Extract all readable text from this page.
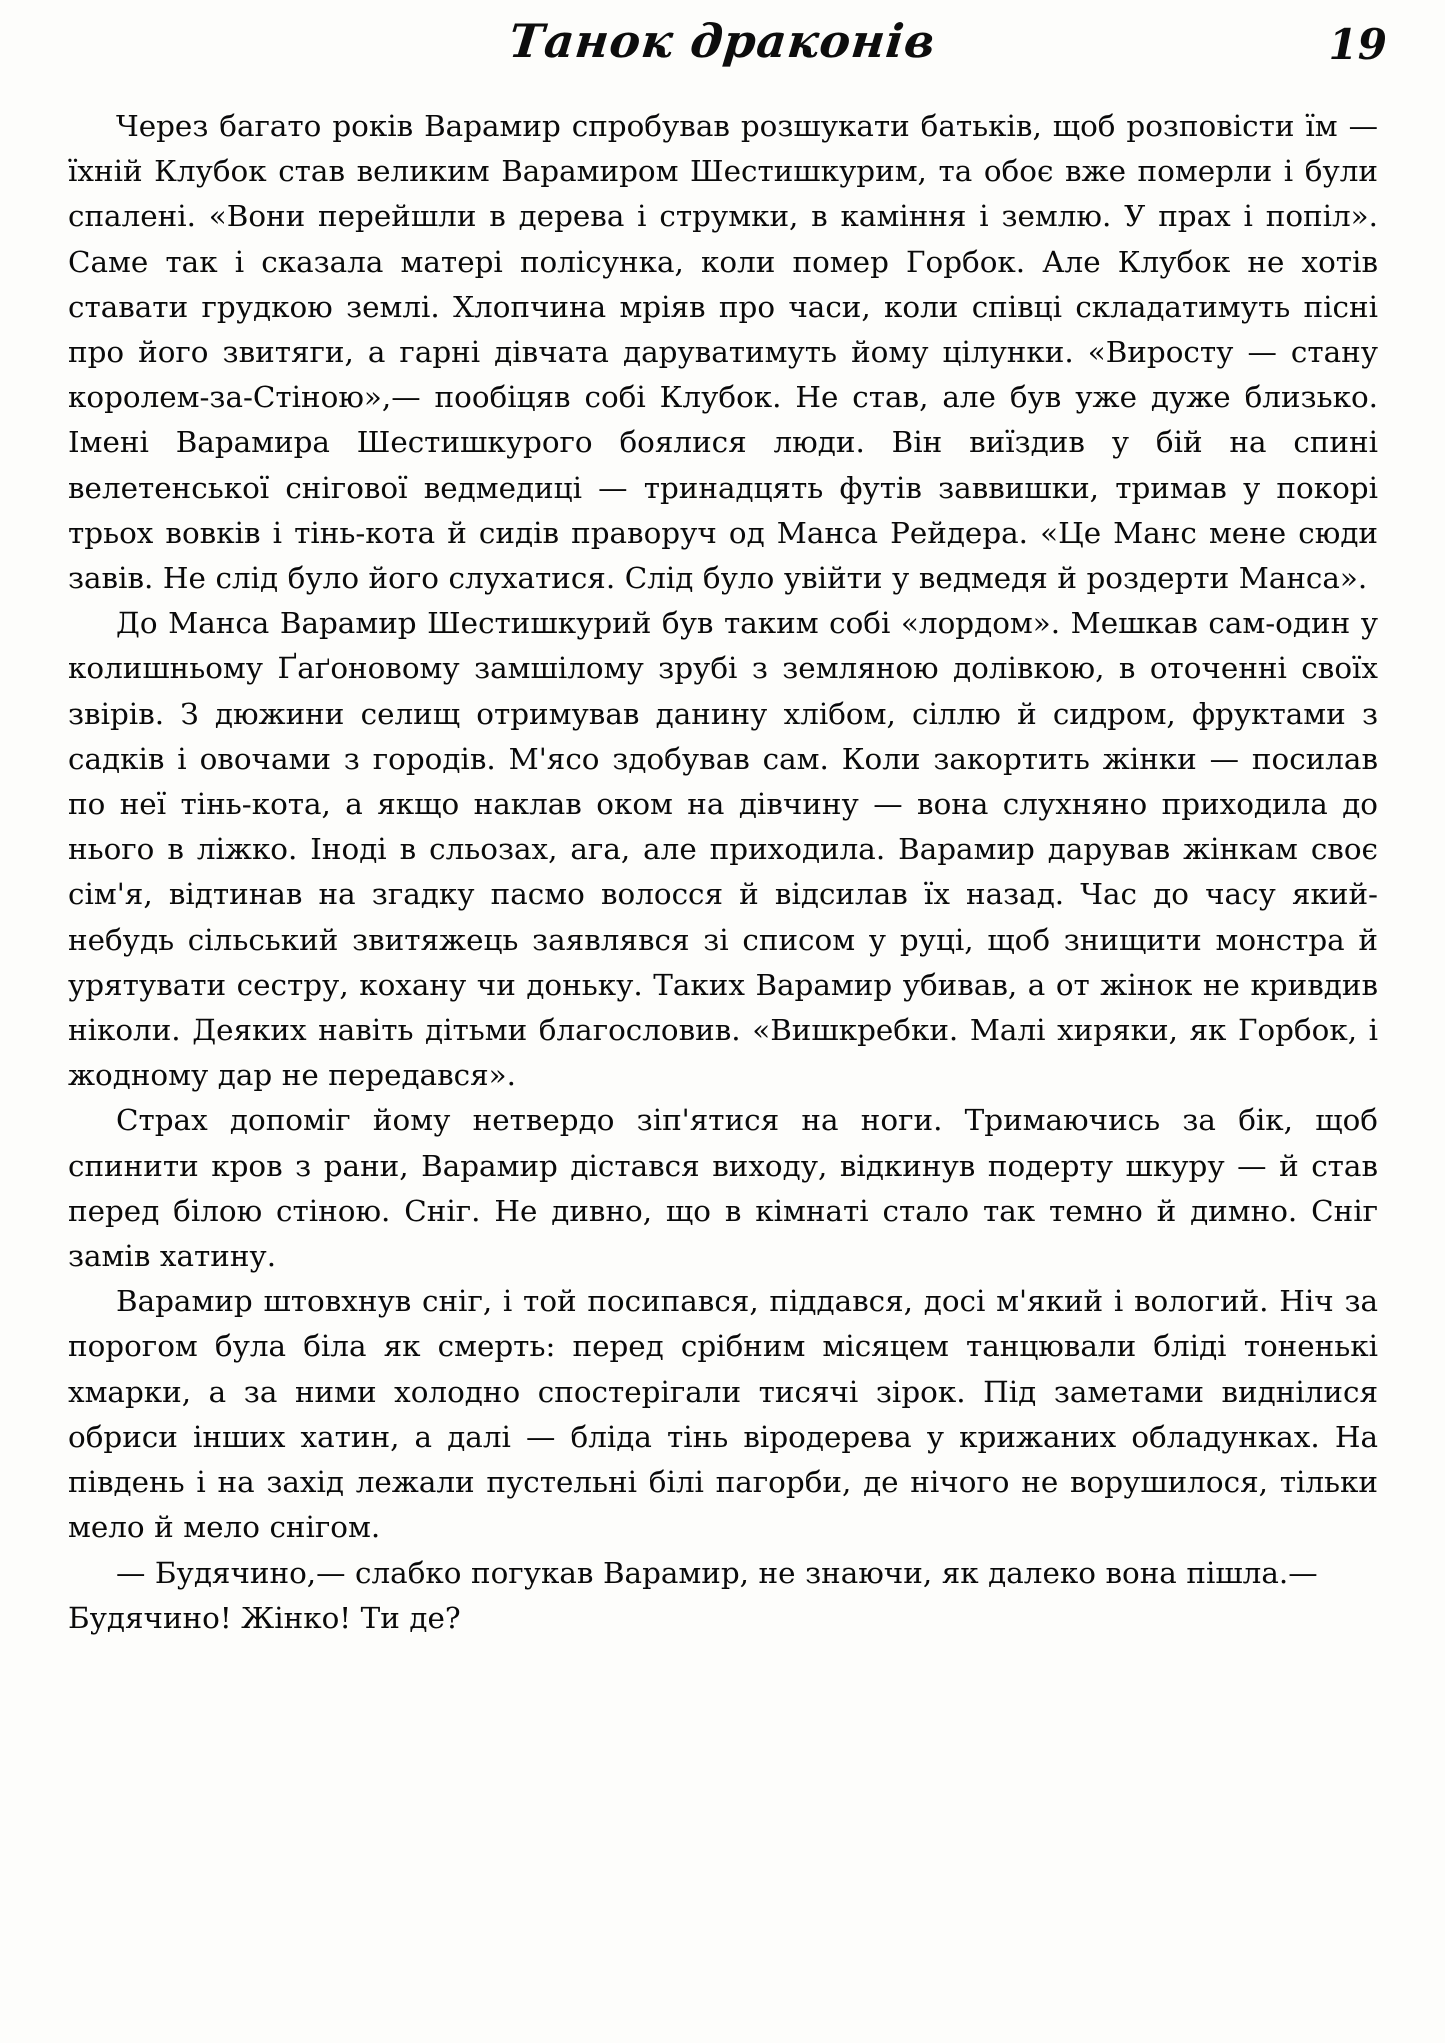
Танок драконів	19

Через багато років Варамир спробував розшукати батьків, щоб розповісти їм — їхній Клубок став великим Варамиром Шестишкурим, та обоє вже померли і були спалені. «Вони перейшли в дерева і струмки, в каміння і землю. У прах і попіл». Саме так і сказала матері полісунка, коли помер Горбок. Але Клубок не хотів ставати грудкою землі. Хлопчина мріяв про часи, коли співці складатимуть пісні про його звитяги, а гарні дівчата даруватимуть йому цілунки. «Виросту — стану королем-за-Стіною»,— пообіцяв собі Клубок. Не став, але був уже дуже близько. Імені Варамира Шестишкурого боялися люди. Він виїздив у бій на спині велетенської снігової ведмедиці — тринадцять футів заввишки, тримав у покорі трьох вовків і тінь-кота й сидів праворуч од Манса Рейдера. «Це Манс мене сюди завів. Не слід було його слухатися. Слід було увійти у ведмедя й роздерти Манса».

До Манса Варамир Шестишкурий був таким собі «лордом». Мешкав сам-один у колишньому Ґаґоновому замшілому зрубі з земляною долівкою, в оточенні своїх звірів. З дюжини селищ отримував данину хлібом, сіллю й сидром, фруктами з садків і овочами з городів. М'ясо здобував сам. Коли закортить жінки — посилав по неї тінь-кота, а якщо наклав оком на дівчину — вона слухняно приходила до нього в ліжко. Іноді в сльозах, ага, але приходила. Варамир дарував жінкам своє сім'я, відтинав на згадку пасмо волосся й відсилав їх назад. Час до часу який-небудь сільський звитяжець заявлявся зі списом у руці, щоб знищити монстра й урятувати сестру, кохану чи доньку. Таких Варамир убивав, а от жінок не кривдив ніколи. Деяких навіть дітьми благословив. «Вишкребки. Малі хиряки, як Горбок, і жодному дар не передався».

Страх допоміг йому нетвердо зіп'ятися на ноги. Тримаючись за бік, щоб спинити кров з рани, Варамир дістався виходу, відкинув подерту шкуру — й став перед білою стіною. Сніг. Не дивно, що в кімнаті стало так темно й димно. Сніг замів хатину.

Варамир штовхнув сніг, і той посипався, піддався, досі м'який і вологий. Ніч за порогом була біла як смерть: перед срібним місяцем танцювали бліді тоненькі хмарки, а за ними холодно спостерігали тисячі зірок. Під заметами виднілися обриси інших хатин, а далі — бліда тінь віродерева у крижаних обладунках. На південь і на захід лежали пустельні білі пагорби, де нічого не ворушилося, тільки мело й мело снігом.

— Будячино,— слабко погукав Варамир, не знаючи, як далеко вона пішла.— Будячино! Жінко! Ти де?
